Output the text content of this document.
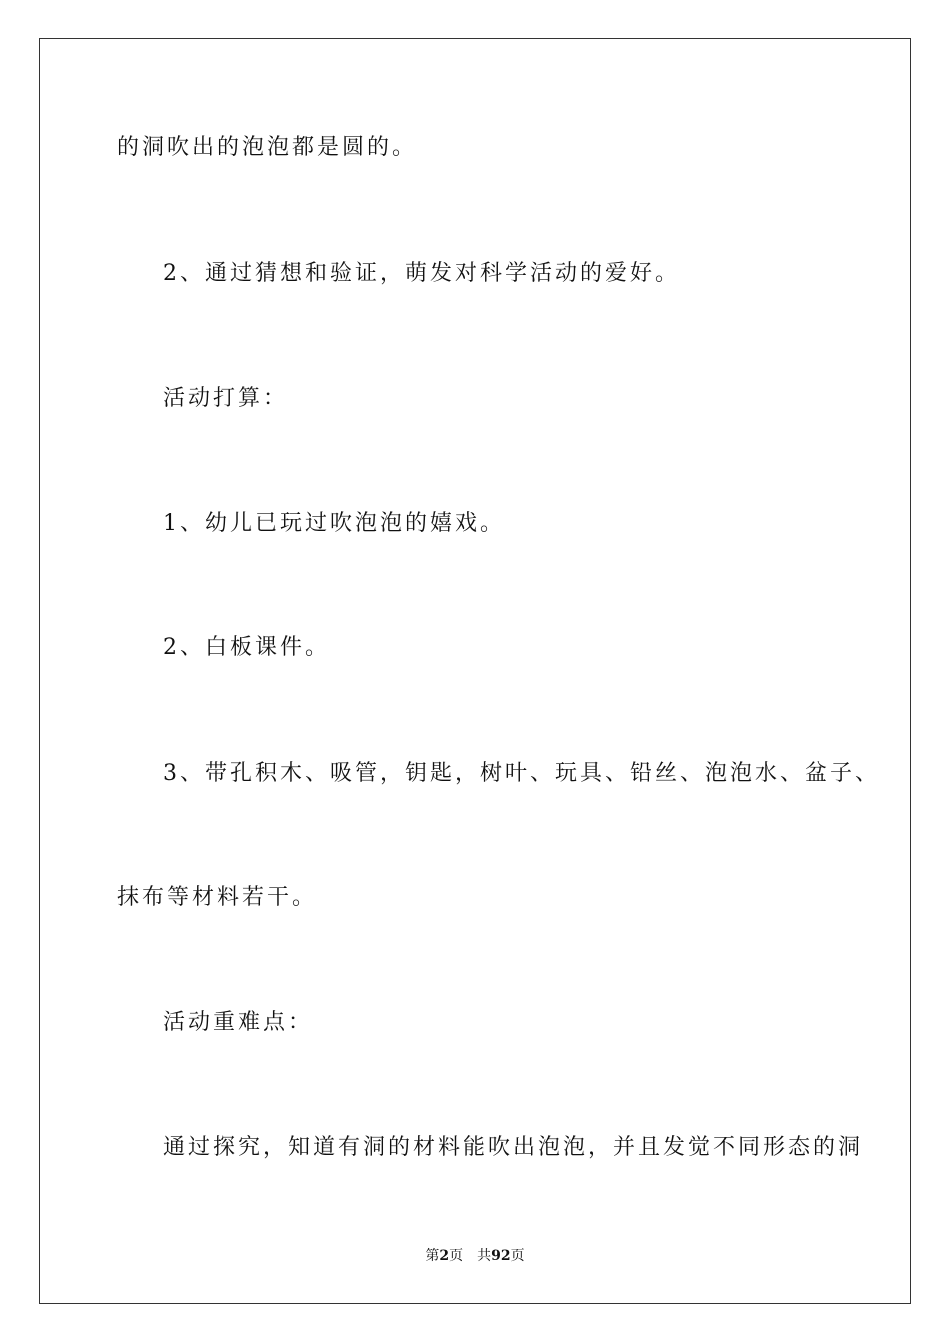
的洞吹出的泡泡都是圆的。
2、通过猜想和验证，萌发对科学活动的爱好。
活动打算：
1、幼儿已玩过吹泡泡的嬉戏。
2、白板课件。
3、带孔积木、吸管，钥匙，树叶、玩具、铅丝、泡泡水、盆子、
抹布等材料若干。
活动重难点：
通过探究，知道有洞的材料能吹出泡泡，并且发觉不同形态的洞
第2页 共92页
